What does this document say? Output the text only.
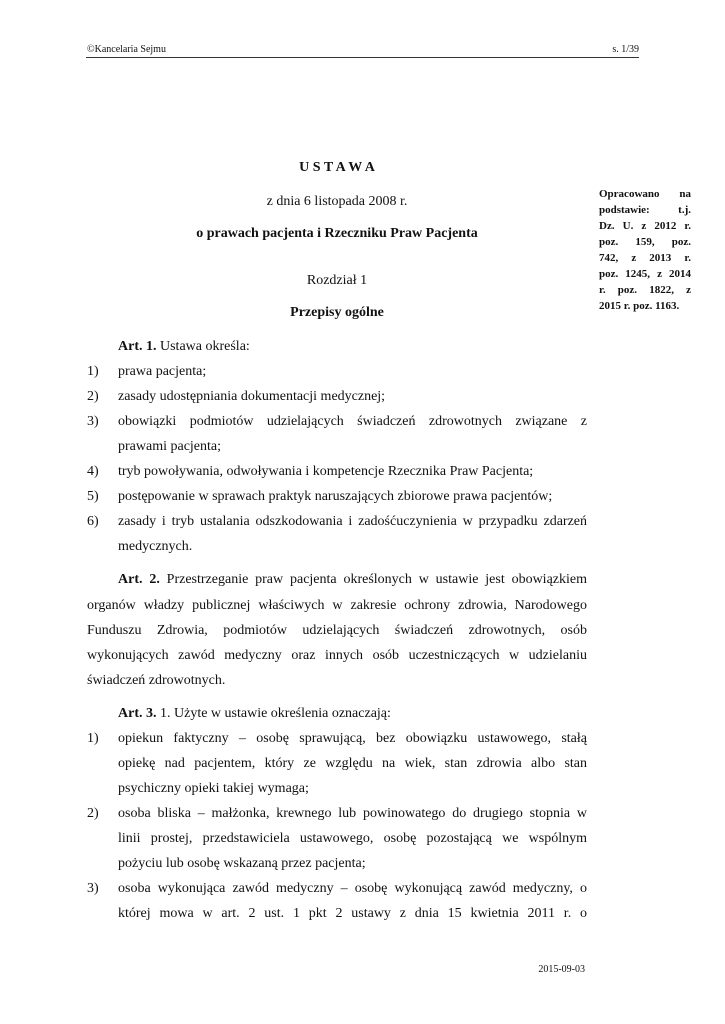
©Kancelaria Sejmu	s. 1/39
U S T A W A
z dnia 6 listopada 2008 r.
o prawach pacjenta i Rzeczniku Praw Pacjenta
Rozdział 1
Przepisy ogólne
Opracowano na
podstawie: t.j.
Dz. U. z 2012 r.
poz. 159, poz.
742, z 2013 r.
poz. 1245, z 2014
r. poz. 1822, z
2015 r. poz. 1163.
Art. 1. Ustawa określa:
1) prawa pacjenta;
2) zasady udostępniania dokumentacji medycznej;
3) obowiązki podmiotów udzielających świadczeń zdrowotnych związane z
prawami pacjenta;
4) tryb powoływania, odwoływania i kompetencje Rzecznika Praw Pacjenta;
5) postępowanie w sprawach praktyk naruszających zbiorowe prawa pacjentów;
6) zasady i tryb ustalania odszkodowania i zadośćuczynienia w przypadku zdarzeń
medycznych.
Art. 2. Przestrzeganie praw pacjenta określonych w ustawie jest obowiązkiem
organów władzy publicznej właściwych w zakresie ochrony zdrowia, Narodowego
Funduszu Zdrowia, podmiotów udzielających świadczeń zdrowotnych, osób
wykonujących zawód medyczny oraz innych osób uczestniczących w udzielaniu
świadczeń zdrowotnych.
Art. 3. 1. Użyte w ustawie określenia oznaczają:
1) opiekun faktyczny – osobę sprawującą, bez obowiązku ustawowego, stałą
opiekę nad pacjentem, który ze względu na wiek, stan zdrowia albo stan
psychiczny opieki takiej wymaga;
2) osoba bliska – małżonka, krewnego lub powinowatego do drugiego stopnia w
linii prostej, przedstawiciela ustawowego, osobę pozostającą we wspólnym
pożyciu lub osobę wskazaną przez pacjenta;
3) osoba wykonująca zawód medyczny – osobę wykonującą zawód medyczny, o
której mowa w art. 2 ust. 1 pkt 2 ustawy z dnia 15 kwietnia 2011 r. o
2015-09-03
